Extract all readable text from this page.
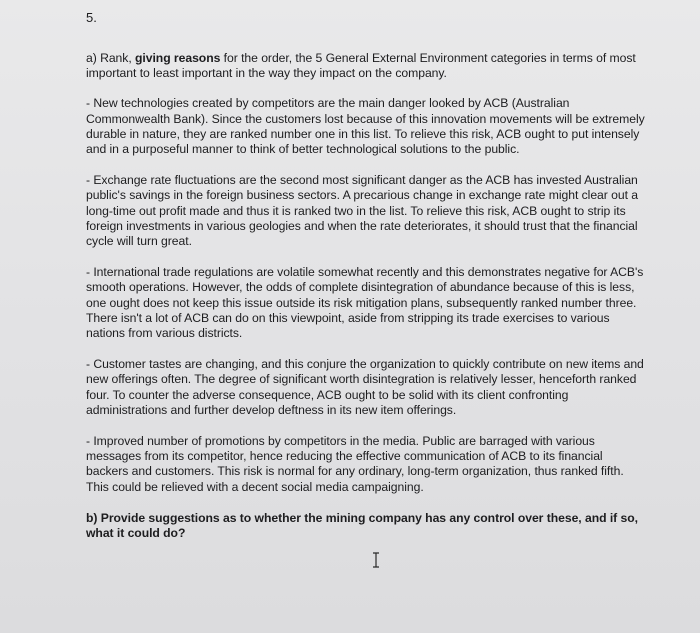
5.

a) Rank, giving reasons for the order, the 5 General External Environment categories in terms of most important to least important in the way they impact on the company.

- New technologies created by competitors are the main danger looked by ACB (Australian Commonwealth Bank). Since the customers lost because of this innovation movements will be extremely durable in nature, they are ranked number one in this list. To relieve this risk, ACB ought to put intensely and in a purposeful manner to think of better technological solutions to the public.

- Exchange rate fluctuations are the second most significant danger as the ACB has invested Australian public's savings in the foreign business sectors. A precarious change in exchange rate might clear out a long-time out profit made and thus it is ranked two in the list. To relieve this risk, ACB ought to strip its foreign investments in various geologies and when the rate deteriorates, it should trust that the financial cycle will turn great.

- International trade regulations are volatile somewhat recently and this demonstrates negative for ACB's smooth operations. However, the odds of complete disintegration of abundance because of this is less, one ought does not keep this issue outside its risk mitigation plans, subsequently ranked number three. There isn't a lot of ACB can do on this viewpoint, aside from stripping its trade exercises to various nations from various districts.

- Customer tastes are changing, and this conjure the organization to quickly contribute on new items and new offerings often. The degree of significant worth disintegration is relatively lesser, henceforth ranked four. To counter the adverse consequence, ACB ought to be solid with its client confronting administrations and further develop deftness in its new item offerings.

- Improved number of promotions by competitors in the media. Public are barraged with various messages from its competitor, hence reducing the effective communication of ACB to its financial backers and customers. This risk is normal for any ordinary, long-term organization, thus ranked fifth. This could be relieved with a decent social media campaigning.

b) Provide suggestions as to whether the mining company has any control over these, and if so, what it could do?
